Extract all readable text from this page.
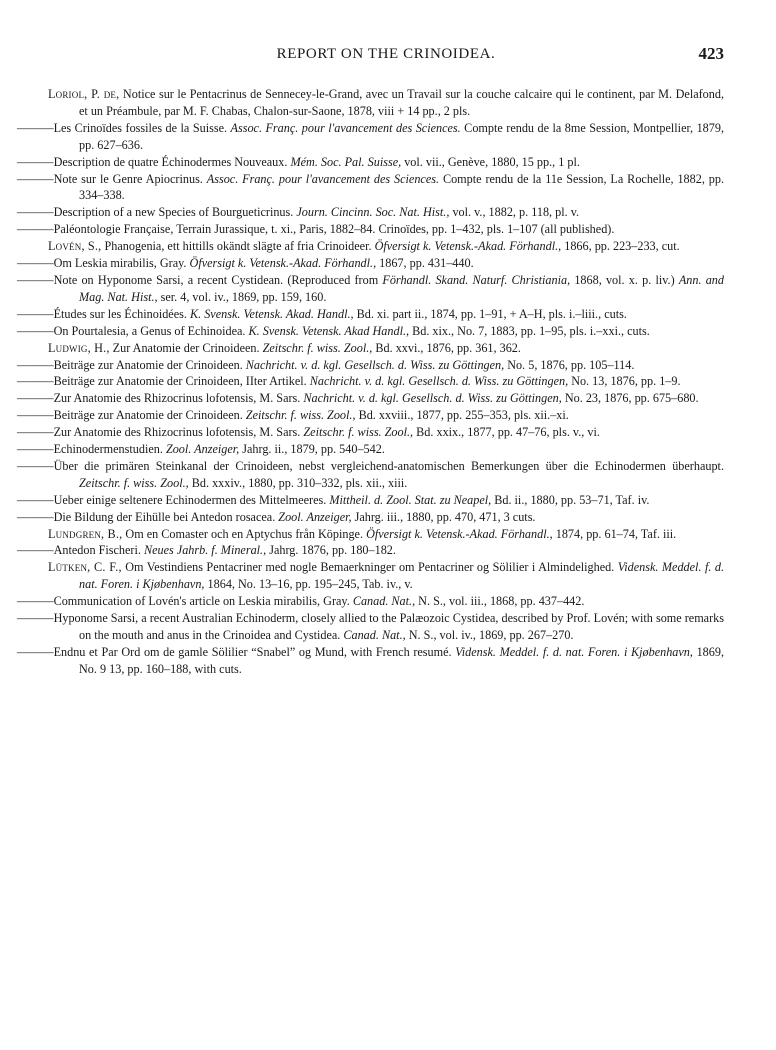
REPORT ON THE CRINOIDEA.	423
Loriol, P. de, Notice sur le Pentacrinus de Sennecey-le-Grand, avec un Travail sur la couche calcaire qui le continent, par M. Delafond, et un Préambule, par M. F. Chabas, Chalon-sur-Saone, 1878, viii + 14 pp., 2 pls.
———Les Crinoïdes fossiles de la Suisse. Assoc. Franç. pour l'avancement des Sciences. Compte rendu de la 8me Session, Montpellier, 1879, pp. 627–636.
———Description de quatre Échinodermes Nouveaux. Mém. Soc. Pal. Suisse, vol. vii., Genève, 1880, 15 pp., 1 pl.
———Note sur le Genre Apiocrinus. Assoc. Franç. pour l'avancement des Sciences. Compte rendu de la 11e Session, La Rochelle, 1882, pp. 334–338.
———Description of a new Species of Bourgueticrinus. Journ. Cincinn. Soc. Nat. Hist., vol. v., 1882, p. 118, pl. v.
———Paléontologie Française, Terrain Jurassique, t. xi., Paris, 1882–84. Crinoïdes, pp. 1–432, pls. 1–107 (all published).
Lovén, S., Phanogenia, ett hittills okändt slägte af fria Crinoideer. Öfversigt k. Vetensk.-Akad. Förhandl., 1866, pp. 223–233, cut.
———Om Leskia mirabilis, Gray. Öfversigt k. Vetensk.-Akad. Förhandl., 1867, pp. 431–440.
———Note on Hyponome Sarsi, a recent Cystidean. (Reproduced from Förhandl. Skand. Naturf. Christiania, 1868, vol. x. p. liv.) Ann. and Mag. Nat. Hist., ser. 4, vol. iv., 1869, pp. 159, 160.
———Études sur les Échinoidées. K. Svensk. Vetensk. Akad. Handl., Bd. xi. part ii., 1874, pp. 1–91, + A–H, pls. i.–liii., cuts.
———On Pourtalesia, a Genus of Echinoidea. K. Svensk. Vetensk. Akad Handl., Bd. xix., No. 7, 1883, pp. 1–95, pls. i.–xxi., cuts.
Ludwig, H., Zur Anatomie der Crinoideen. Zeitschr. f. wiss. Zool., Bd. xxvi., 1876, pp. 361, 362.
———Beiträge zur Anatomie der Crinoideen. Nachricht. v. d. kgl. Gesellsch. d. Wiss. zu Göttingen, No. 5, 1876, pp. 105–114.
———Beiträge zur Anatomie der Crinoideen, IIter Artikel. Nachricht. v. d. kgl. Gesellsch. d. Wiss. zu Göttingen, No. 13, 1876, pp. 1–9.
———Zur Anatomie des Rhizocrinus lofotensis, M. Sars. Nachricht. v. d. kgl. Gesellsch. d. Wiss. zu Göttingen, No. 23, 1876, pp. 675–680.
———Beiträge zur Anatomie der Crinoideen. Zeitschr. f. wiss. Zool., Bd. xxviii., 1877, pp. 255–353, pls. xii.–xi.
———Zur Anatomie des Rhizocrinus lofotensis, M. Sars. Zeitschr. f. wiss. Zool., Bd. xxix., 1877, pp. 47–76, pls. v., vi.
———Echinodermenstudien. Zool. Anzeiger, Jahrg. ii., 1879, pp. 540–542.
———Über die primären Steinkanal der Crinoideen, nebst vergleichend-anatomischen Bemerkungen über die Echinodermen überhaupt. Zeitschr. f. wiss. Zool., Bd. xxxiv., 1880, pp. 310–332, pls. xii., xiii.
———Ueber einige seltenere Echinodermen des Mittelmeeres. Mittheil. d. Zool. Stat. zu Neapel, Bd. ii., 1880, pp. 53–71, Taf. iv.
———Die Bildung der Eihülle bei Antedon rosacea. Zool. Anzeiger, Jahrg. iii., 1880, pp. 470, 471, 3 cuts.
Lundgren, B., Om en Comaster och en Aptychus från Köpinge. Öfversigt k. Vetensk.-Akad. Förhandl., 1874, pp. 61–74, Taf. iii.
———Antedon Fischeri. Neues Jahrb. f. Mineral., Jahrg. 1876, pp. 180–182.
Lütken, C. F., Om Vestindiens Pentacriner med nogle Bemaerkninger om Pentacriner og Sölilier i Almindelighed. Vidensk. Meddel. f. d. nat. Foren. i Kjøbenhavn, 1864, No. 13–16, pp. 195–245, Tab. iv., v.
———Communication of Lovén's article on Leskia mirabilis, Gray. Canad. Nat., N. S., vol. iii., 1868, pp. 437–442.
———Hyponome Sarsi, a recent Australian Echinoderm, closely allied to the Palæozoic Cystidea, described by Prof. Lovén; with some remarks on the mouth and anus in the Crinoidea and Cystidea. Canad. Nat., N. S., vol. iv., 1869, pp. 267–270.
———Endnu et Par Ord om de gamle Sölilier “Snabel” og Mund, with French resumé. Vidensk. Meddel. f. d. nat. Foren. i Kjøbenhavn, 1869, No. 9 13, pp. 160–188, with cuts.
